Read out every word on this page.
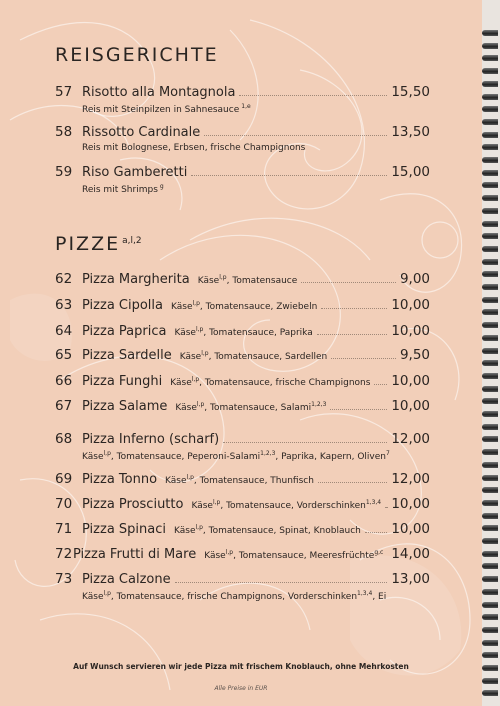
REISGERICHTE
57 Risotto alla Montagnola	15,50
Reis mit Steinpilzen in Sahnesauce $^{1,e}$
58 Rissotto Cardinale	13,50
Reis mit Bolognese, Erbsen, frische Champignons
59 Riso Gamberetti	15,00
Reis mit Shrimps $^g$
PIZZE $^{a,l,2}$
62 Pizza Margherita Käse$^{l,p}$, Tomatensauce	9,00
63 Pizza Cipolla Käse$^{l,p}$, Tomatensauce, Zwiebeln	10,00
64 Pizza Paprica Käse$^{l,p}$, Tomatensauce, Paprika	10,00
65 Pizza Sardelle Käse$^{l,p}$, Tomatensauce, Sardellen	9,50
66 Pizza Funghi Käse$^{l,p}$, Tomatensauce, frische Champignons 10,00
67 Pizza Salame Käse$^{l,p}$, Tomatensauce, Salami$^{1,2,3}$	10,00
68 Pizza Inferno (scharf)	12,00
Käse$^{l,p}$, Tomatensauce, Peperoni-Salami$^{1,2,3}$, Paprika, Kapern, Oliven$^7$
69 Pizza Tonno Käse$^{l,p}$, Tomatensauce, Thunfisch	12,00
70 Pizza Prosciutto Käse$^{l,p}$, Tomatensauce, Vorderschinken$^{1,3,4}$ 10,00
71 Pizza Spinaci Käse$^{l,p}$, Tomatensauce, Spinat, Knoblauch 10,00
72 Pizza Frutti di Mare Käse$^{l,p}$, Tomatensauce, Meeresfrüchte$^{g,c}$ 14,00
73 Pizza Calzone	13,00
Käse$^{l,p}$, Tomatensauce, frische Champignons, Vorderschinken$^{1,3,4}$, Ei
Auf Wunsch servieren wir jede Pizza mit frischem Knoblauch, ohne Mehrkosten
Alle Preise in EUR
